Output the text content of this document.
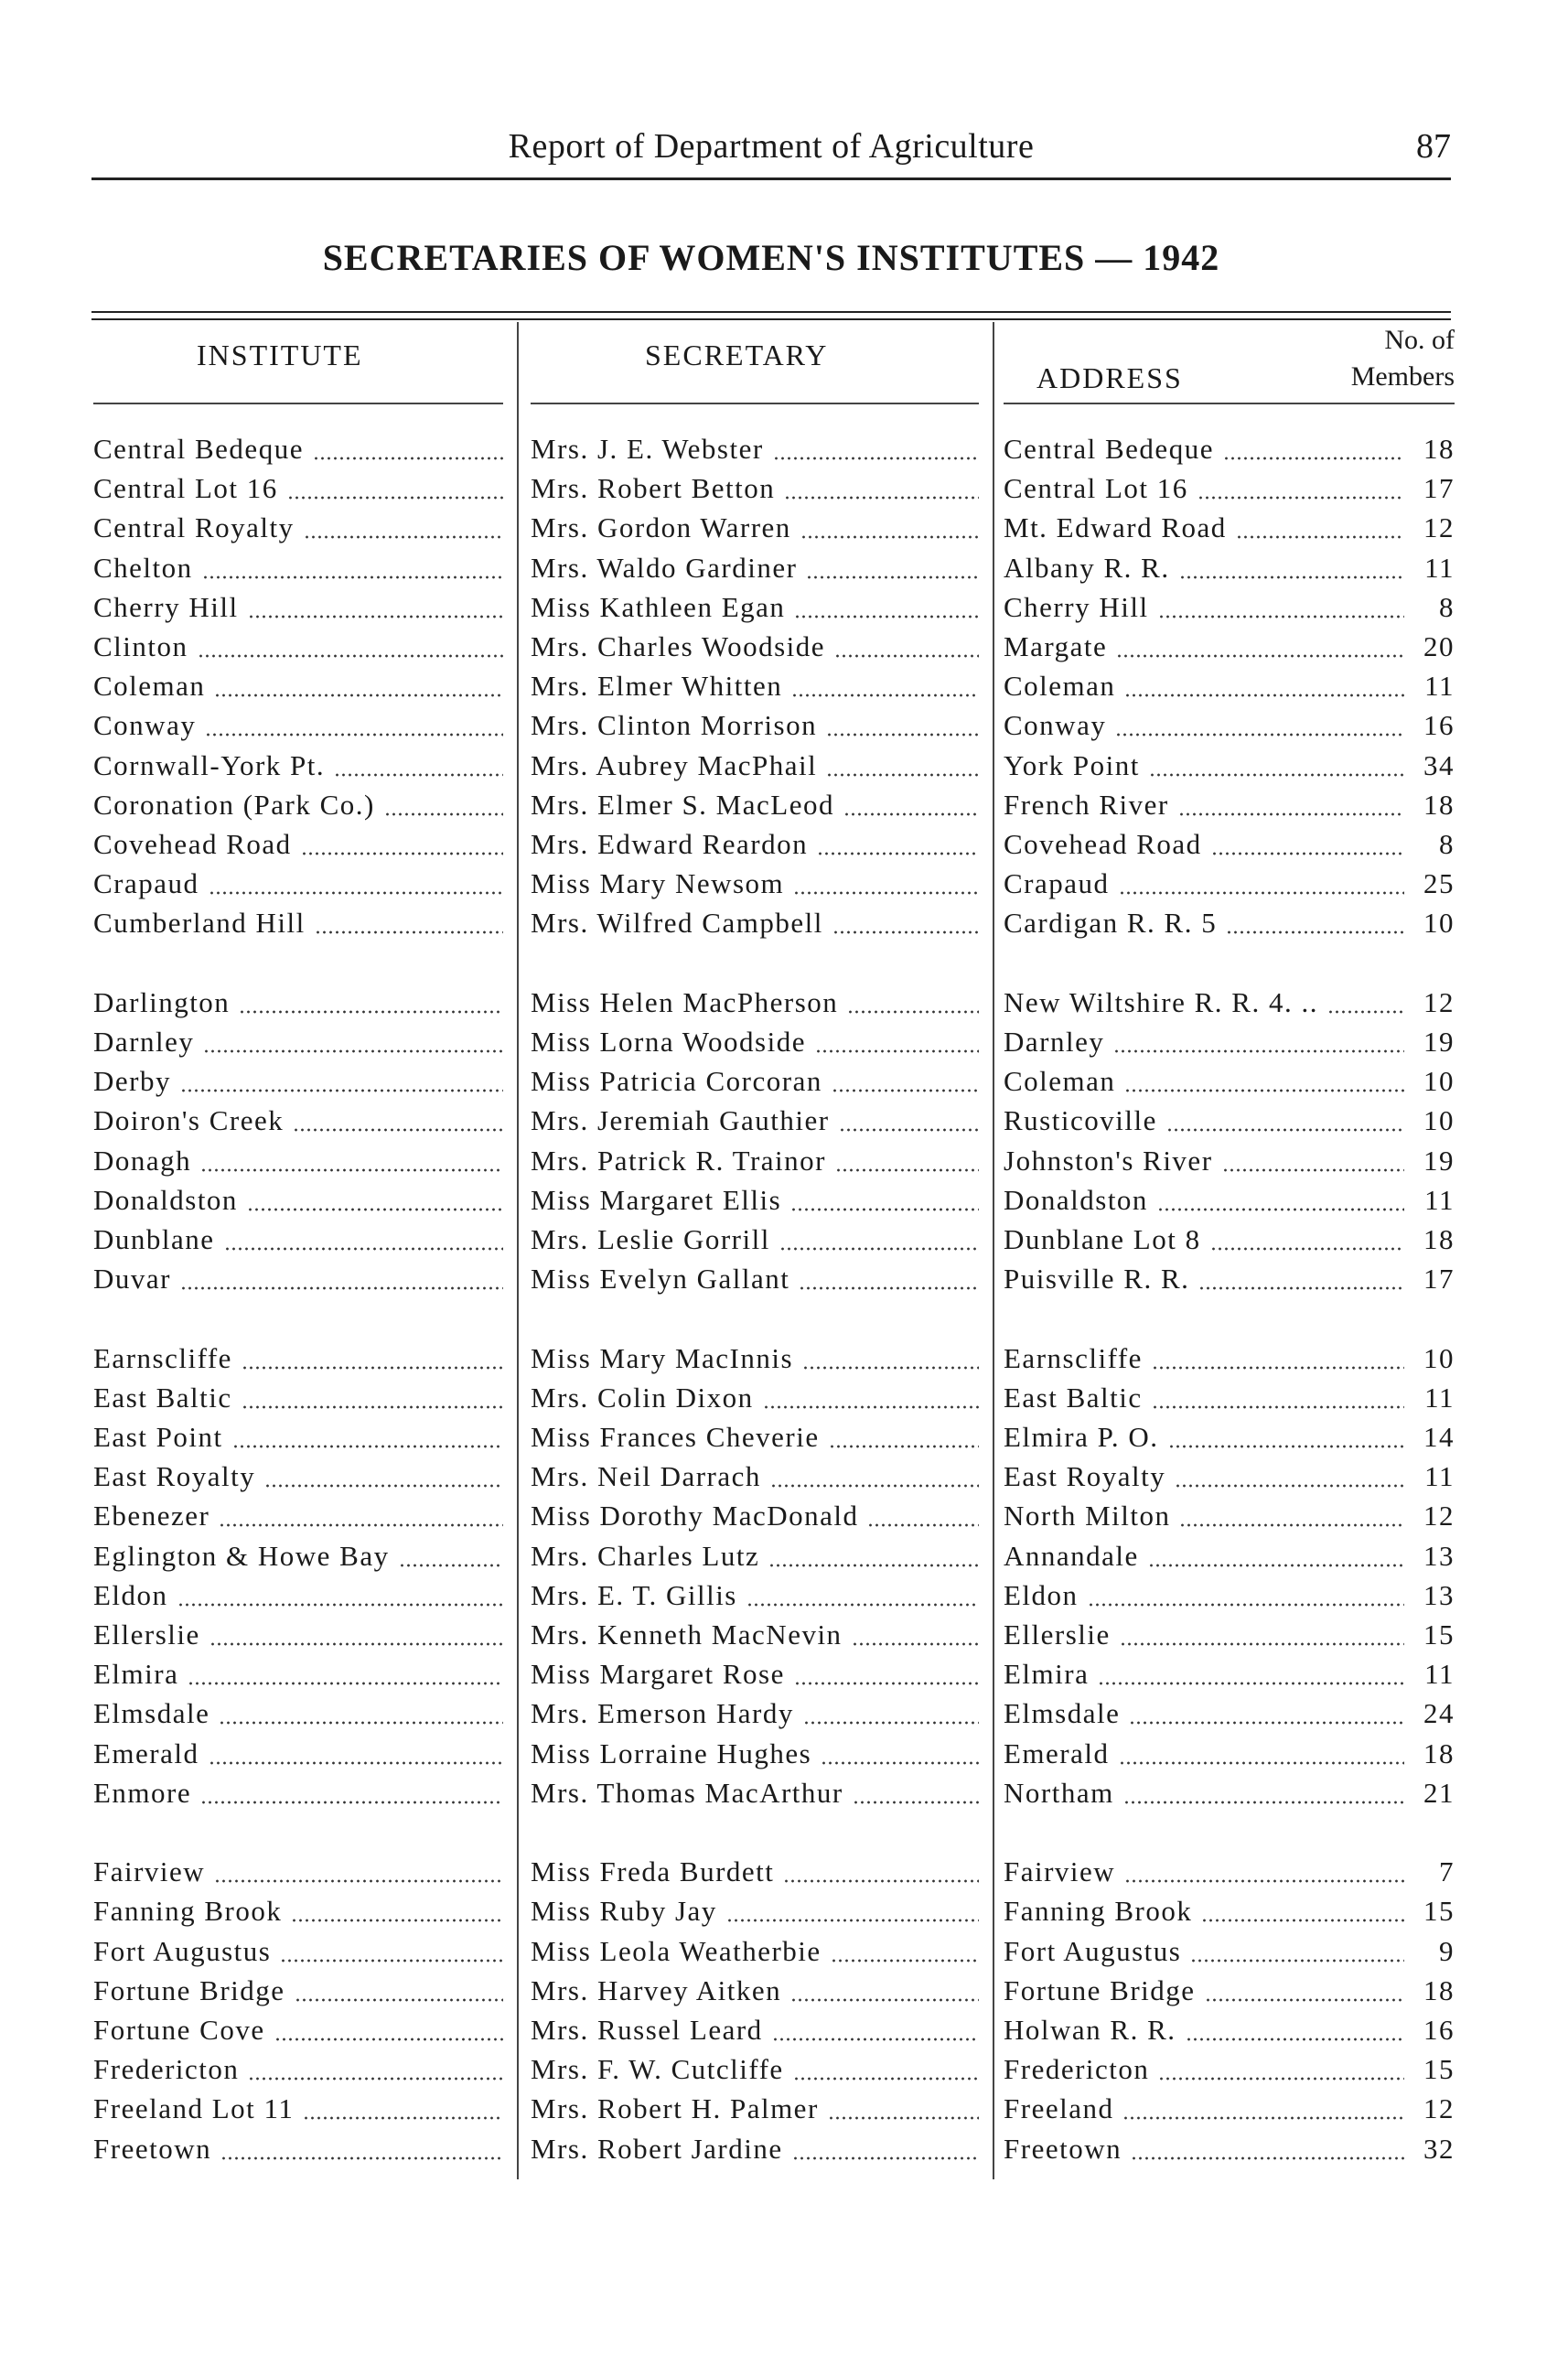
Report of Department of Agriculture	87
SECRETARIES OF WOMEN'S INSTITUTES — 1942
INSTITUTE	SECRETARY
ADDRESS
No. of
Members
Central Bedeque	Mrs. J. E. Webster	Central Bedeque	18
Central Lot 16	Mrs. Robert Betton	Central Lot 16	17
Central Royalty	Mrs. Gordon Warren	Mt. Edward Road	12
Chelton	Mrs. Waldo Gardiner	Albany R. R.	11
Cherry Hill	Miss Kathleen Egan	Cherry Hill	8
Clinton	Mrs. Charles Woodside	Margate	20
Coleman	Mrs. Elmer Whitten	Coleman	11
Conway	Mrs. Clinton Morrison	Conway	16
Cornwall-York Pt.	Mrs. Aubrey MacPhail	York Point	34
Coronation (Park Co.)	Mrs. Elmer S. MacLeod	French River	18
Covehead Road	Mrs. Edward Reardon	Covehead Road	8
Crapaud	Miss Mary Newsom	Crapaud	25
Cumberland Hill	Mrs. Wilfred Campbell	Cardigan R. R. 5	10
Darlington	Miss Helen MacPherson	New Wiltshire R. R. 4. ..	12
Darnley	Miss Lorna Woodside	Darnley	19
Derby	Miss Patricia Corcoran	Coleman	10
Doiron's Creek	Mrs. Jeremiah Gauthier	Rusticoville	10
Donagh	Mrs. Patrick R. Trainor	Johnston's River	19
Donaldston	Miss Margaret Ellis	Donaldston	11
Dunblane	Mrs. Leslie Gorrill	Dunblane Lot 8	18
Duvar	Miss Evelyn Gallant	Puisville R. R.	17
Earnscliffe	Miss Mary MacInnis	Earnscliffe	10
East Baltic	Mrs. Colin Dixon	East Baltic	11
East Point	Miss Frances Cheverie	Elmira P. O.	14
East Royalty	Mrs. Neil Darrach	East Royalty	11
Ebenezer	Miss Dorothy MacDonald	North Milton	12
Eglington & Howe Bay	Mrs. Charles Lutz	Annandale	13
Eldon	Mrs. E. T. Gillis	Eldon	13
Ellerslie	Mrs. Kenneth MacNevin	Ellerslie	15
Elmira	Miss Margaret Rose	Elmira	11
Elmsdale	Mrs. Emerson Hardy	Elmsdale	24
Emerald	Miss Lorraine Hughes	Emerald	18
Enmore	Mrs. Thomas MacArthur	Northam	21
Fairview	Miss Freda Burdett	Fairview	7
Fanning Brook	Miss Ruby Jay	Fanning Brook	15
Fort Augustus	Miss Leola Weatherbie	Fort Augustus	9
Fortune Bridge	Mrs. Harvey Aitken	Fortune Bridge	18
Fortune Cove	Mrs. Russel Leard	Holwan R. R.	16
Fredericton	Mrs. F. W. Cutcliffe	Fredericton	15
Freeland Lot 11	Mrs. Robert H. Palmer	Freeland	12
Freetown	Mrs. Robert Jardine	Freetown	32
